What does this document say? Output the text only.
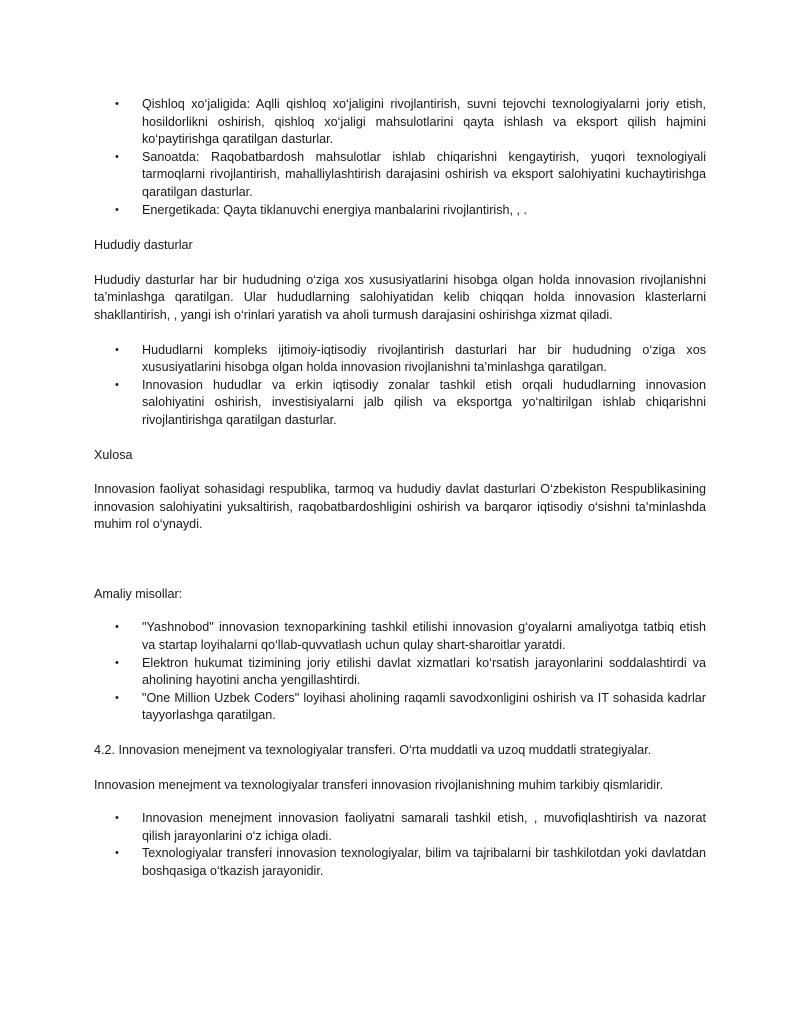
•	Qishloq xo‘jaligida: Aqlli qishloq xo‘jaligini rivojlantirish, suvni tejovchi texnologiyalarni joriy etish, hosildorlikni oshirish, qishloq xo‘jaligi mahsulotlarini qayta ishlash va eksport qilish hajmini ko‘paytirishga qaratilgan dasturlar.
•	Sanoatda: Raqobatbardosh mahsulotlar ishlab chiqarishni kengaytirish, yuqori texnologiyali tarmoqlarni rivojlantirish, mahalliylashtirish darajasini oshirish va eksport salohiyatini kuchaytirishga qaratilgan dasturlar.
•	Energetikada: Qayta tiklanuvchi energiya manbalarini rivojlantirish, , .

Hududiy dasturlar

Hududiy dasturlar har bir hududning o‘ziga xos xususiyatlarini hisobga olgan holda innovasion rivojlanishni ta’minlashga qaratilgan. Ular hududlarning salohiyatidan kelib chiqqan holda innovasion klasterlarni shakllantirish, , yangi ish o‘rinlari yaratish va aholi turmush darajasini oshirishga xizmat qiladi.

•	Hududlarni kompleks ijtimoiy-iqtisodiy rivojlantirish dasturlari har bir hududning o‘ziga xos xususiyatlarini hisobga olgan holda innovasion rivojlanishni ta’minlashga qaratilgan.
•	Innovasion hududlar va erkin iqtisodiy zonalar tashkil etish orqali hududlarning innovasion salohiyatini oshirish, investisiyalarni jalb qilish va eksportga yo‘naltirilgan ishlab chiqarishni rivojlantirishga qaratilgan dasturlar.

Xulosa

Innovasion faoliyat sohasidagi respublika, tarmoq va hududiy davlat dasturlari O‘zbekiston Respublikasining innovasion salohiyatini yuksaltirish, raqobatbardoshligini oshirish va barqaror iqtisodiy o‘sishni ta’minlashda muhim rol o‘ynaydi.

Amaliy misollar:

•	"Yashnobod" innovasion texnoparkining tashkil etilishi innovasion g‘oyalarni amaliyotga tatbiq etish va startap loyihalarni qo‘llab-quvvatlash uchun qulay shart-sharoitlar yaratdi.
•	Elektron hukumat tizimining joriy etilishi davlat xizmatlari ko‘rsatish jarayonlarini soddalashtirdi va aholining hayotini ancha yengillashtirdi.
•	"One Million Uzbek Coders" loyihasi aholining raqamli savodxonligini oshirish va IT sohasida kadrlar tayyorlashga qaratilgan.

4.2. Innovasion menejment va texnologiyalar transferi. O‘rta muddatli va uzoq muddatli strategiyalar.

Innovasion menejment va texnologiyalar transferi innovasion rivojlanishning muhim tarkibiy qismlaridir.

•	Innovasion menejment innovasion faoliyatni samarali tashkil etish, , muvofiqlashtirish va nazorat qilish jarayonlarini o‘z ichiga oladi.
•	Texnologiyalar transferi innovasion texnologiyalar, bilim va tajribalarni bir tashkilotdan yoki davlatdan boshqasiga o‘tkazish jarayonidir.
